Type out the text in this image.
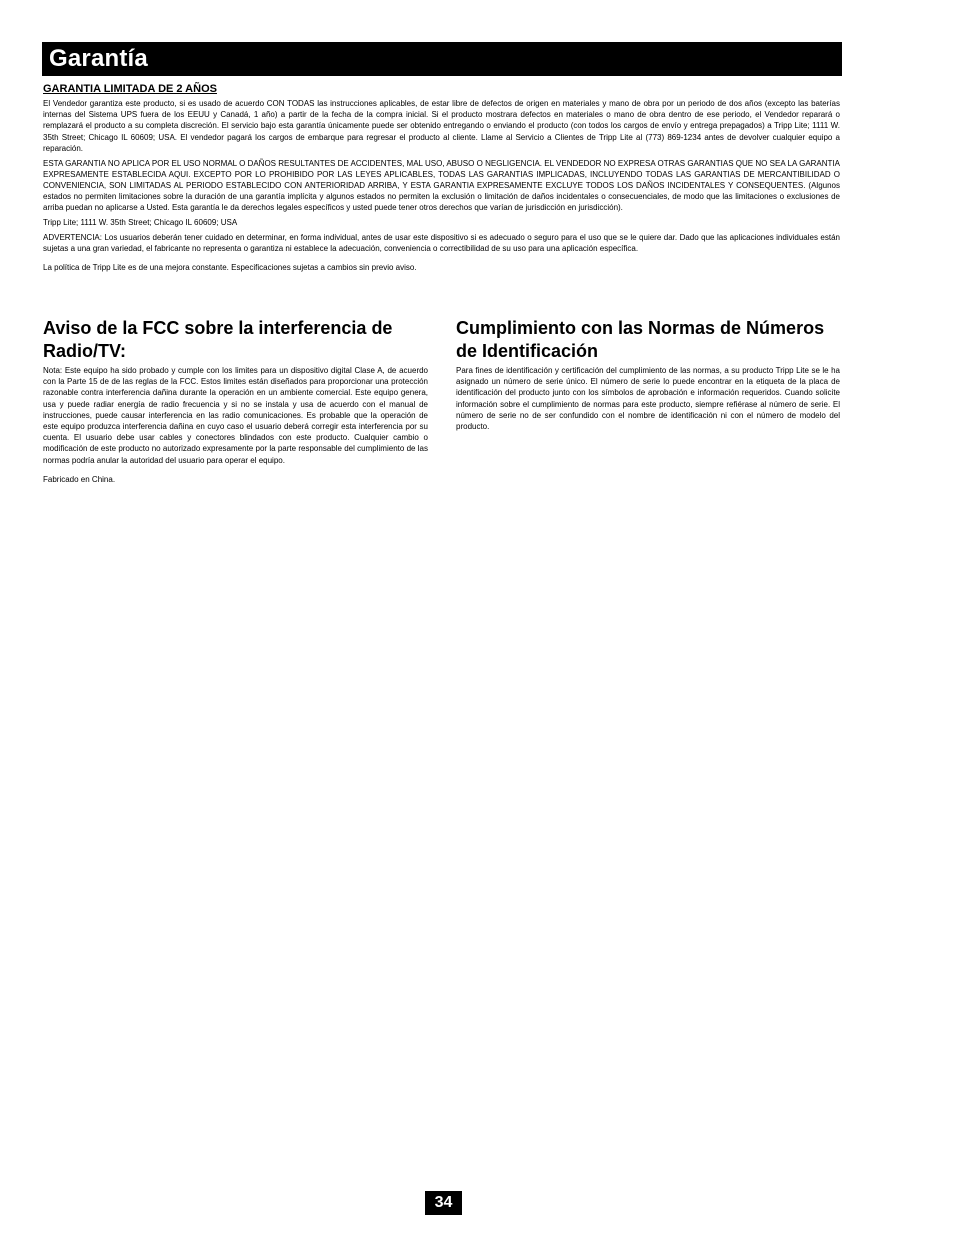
Garantía
GARANTIA LIMITADA DE 2 AÑOS

El Vendedor garantiza este producto, si es usado de acuerdo CON TODAS las instrucciones aplicables, de estar libre de defectos de origen en materiales y mano de obra por un periodo de dos años (excepto las baterías internas del Sistema UPS fuera de los EEUU y Canadá, 1 año) a partir de la fecha de la compra inicial. Si el producto mostrara defectos en materiales o mano de obra dentro de ese periodo, el Vendedor reparará o remplazará el producto a su completa discreción. El servicio bajo esta garantía únicamente puede ser obtenido entregando o enviando el producto (con todos los cargos de envío y entrega prepagados) a Tripp Lite; 1111 W. 35th Street; Chicago IL 60609; USA. El vendedor pagará los cargos de embarque para regresar el producto al cliente. Llame al Servicio a Clientes de Tripp Lite al (773) 869-1234 antes de devolver cualquier equipo a reparación.

ESTA GARANTIA NO APLICA POR EL USO NORMAL O DAÑOS RESULTANTES DE ACCIDENTES, MAL USO, ABUSO O NEGLIGENCIA. EL VENDEDOR NO EXPRESA OTRAS GARANTIAS QUE NO SEA LA GARANTIA EXPRESAMENTE ESTABLECIDA AQUI. EXCEPTO POR LO PROHIBIDO POR LAS LEYES APLICABLES, TODAS LAS GARANTIAS IMPLICADAS, INCLUYENDO TODAS LAS GARANTIAS DE MERCANTIBILIDAD O CONVENIENCIA, SON LIMITADAS AL PERIODO ESTABLECIDO CON ANTERIORIDAD ARRIBA, Y ESTA GARANTIA EXPRESAMENTE EXCLUYE TODOS LOS DAÑOS INCIDENTALES Y CONSEQUENTES. (Algunos estados no permiten limitaciones sobre la duración de una garantía implícita y algunos estados no permiten la exclusión o limitación de daños incidentales o consecuenciales, de modo que las limitaciones o exclusiones de arriba puedan no aplicarse a Usted. Esta garantía le da derechos legales específicos y usted puede tener otros derechos que varían de jurisdicción en jurisdicción).

Tripp Lite; 1111 W. 35th Street; Chicago IL 60609; USA

ADVERTENCIA: Los usuarios deberán tener cuidado en determinar, en forma individual, antes de usar este dispositivo si es adecuado o seguro para el uso que se le quiere dar. Dado que las aplicaciones individuales están sujetas a una gran variedad, el fabricante no representa o garantiza ni establece la adecuación, conveniencia o correctibilidad de su uso para una aplicación específica.

La política de Tripp Lite es de una mejora constante. Especificaciones sujetas a cambios sin previo aviso.

Aviso de la FCC sobre la interferencia de Radio/TV:

Nota: Este equipo ha sido probado y cumple con los limites para un dispositivo digital Clase A, de acuerdo con la Parte 15 de de las reglas de la FCC. Estos limites están diseñados para proporcionar una protección razonable contra interferencia dañina durante la operación en un ambiente comercial. Este equipo genera, usa y puede radiar energía de radio frecuencia y si no se instala y usa de acuerdo con el manual de instrucciones, puede causar interferencia en las radio comunicaciones. Es probable que la operación de este equipo produzca interferencia dañina en cuyo caso el usuario deberá corregir esta interferencia por su cuenta. El usuario debe usar cables y conectores blindados con este producto. Cualquier cambio o modificación de este producto no autorizado expresamente por la parte responsable del cumplimiento de las normas podría anular la autoridad del usuario para operar el equipo.

Fabricado en China.

Cumplimiento con las Normas de Números de Identificación

Para fines de identificación y certificación del cumplimiento de las normas, a su producto Tripp Lite se le ha asignado un número de serie único. El número de serie lo puede encontrar en la etiqueta de la placa de identificación del producto junto con los símbolos de aprobación e información requeridos. Cuando solicite información sobre el cumplimiento de normas para este producto, siempre refiérase al número de serie. El número de serie no de ser confundido con el nombre de identificación ni con el número de modelo del producto.

34
